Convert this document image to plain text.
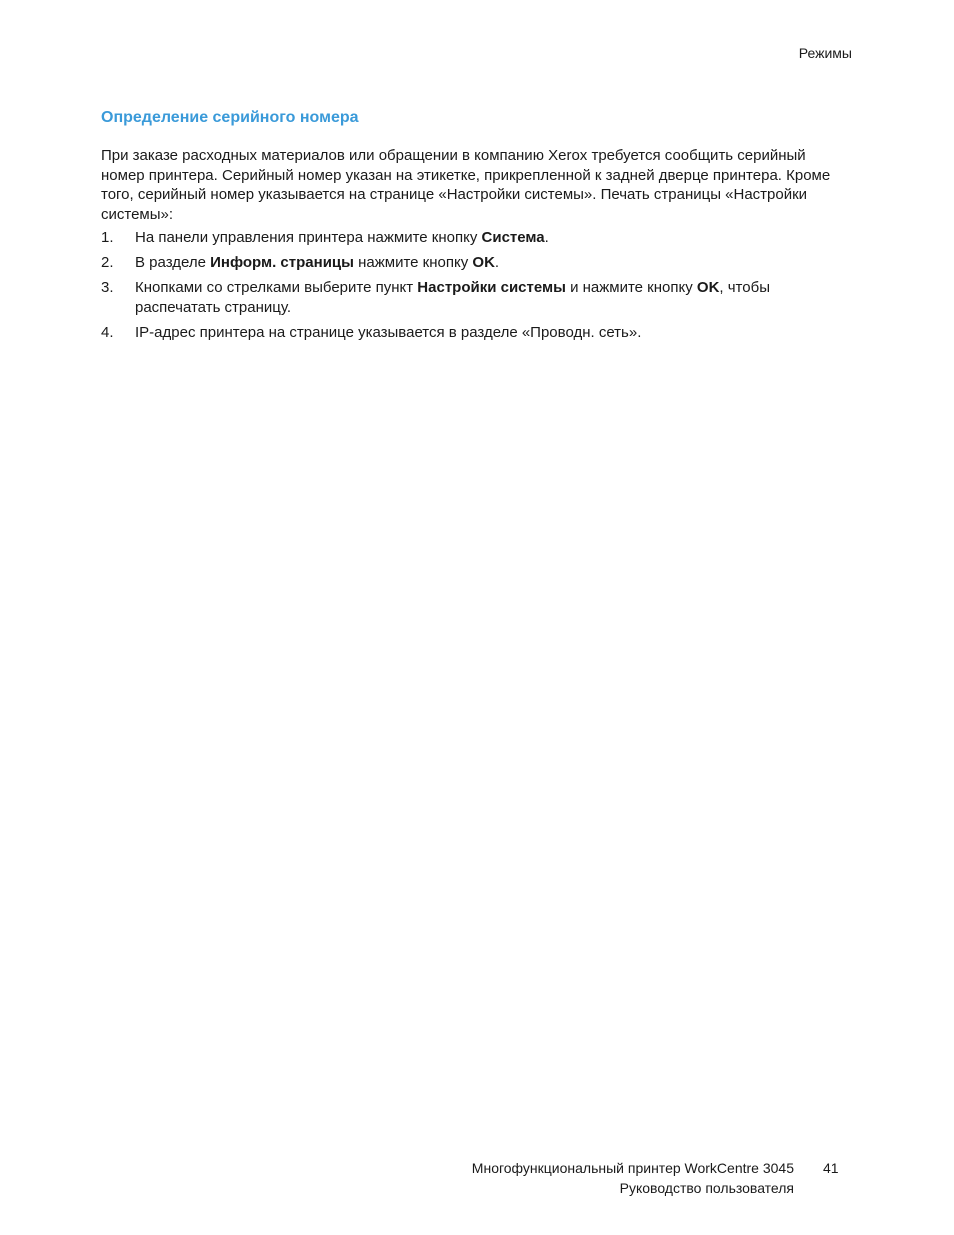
Режимы
Определение серийного номера

При заказе расходных материалов или обращении в компанию Xerox требуется сообщить серийный номер принтера. Серийный номер указан на этикетке, прикрепленной к задней дверце принтера. Кроме того, серийный номер указывается на странице «Настройки системы». Печать страницы «Настройки системы»:

1. На панели управления принтера нажмите кнопку Система.
2. В разделе Информ. страницы нажмите кнопку OK.
3. Кнопками со стрелками выберите пункт Настройки системы и нажмите кнопку OK, чтобы распечатать страницу.
4. IP-адрес принтера на странице указывается в разделе «Проводн. сеть».
Многофункциональный принтер WorkCentre 3045
Руководство пользователя
41
